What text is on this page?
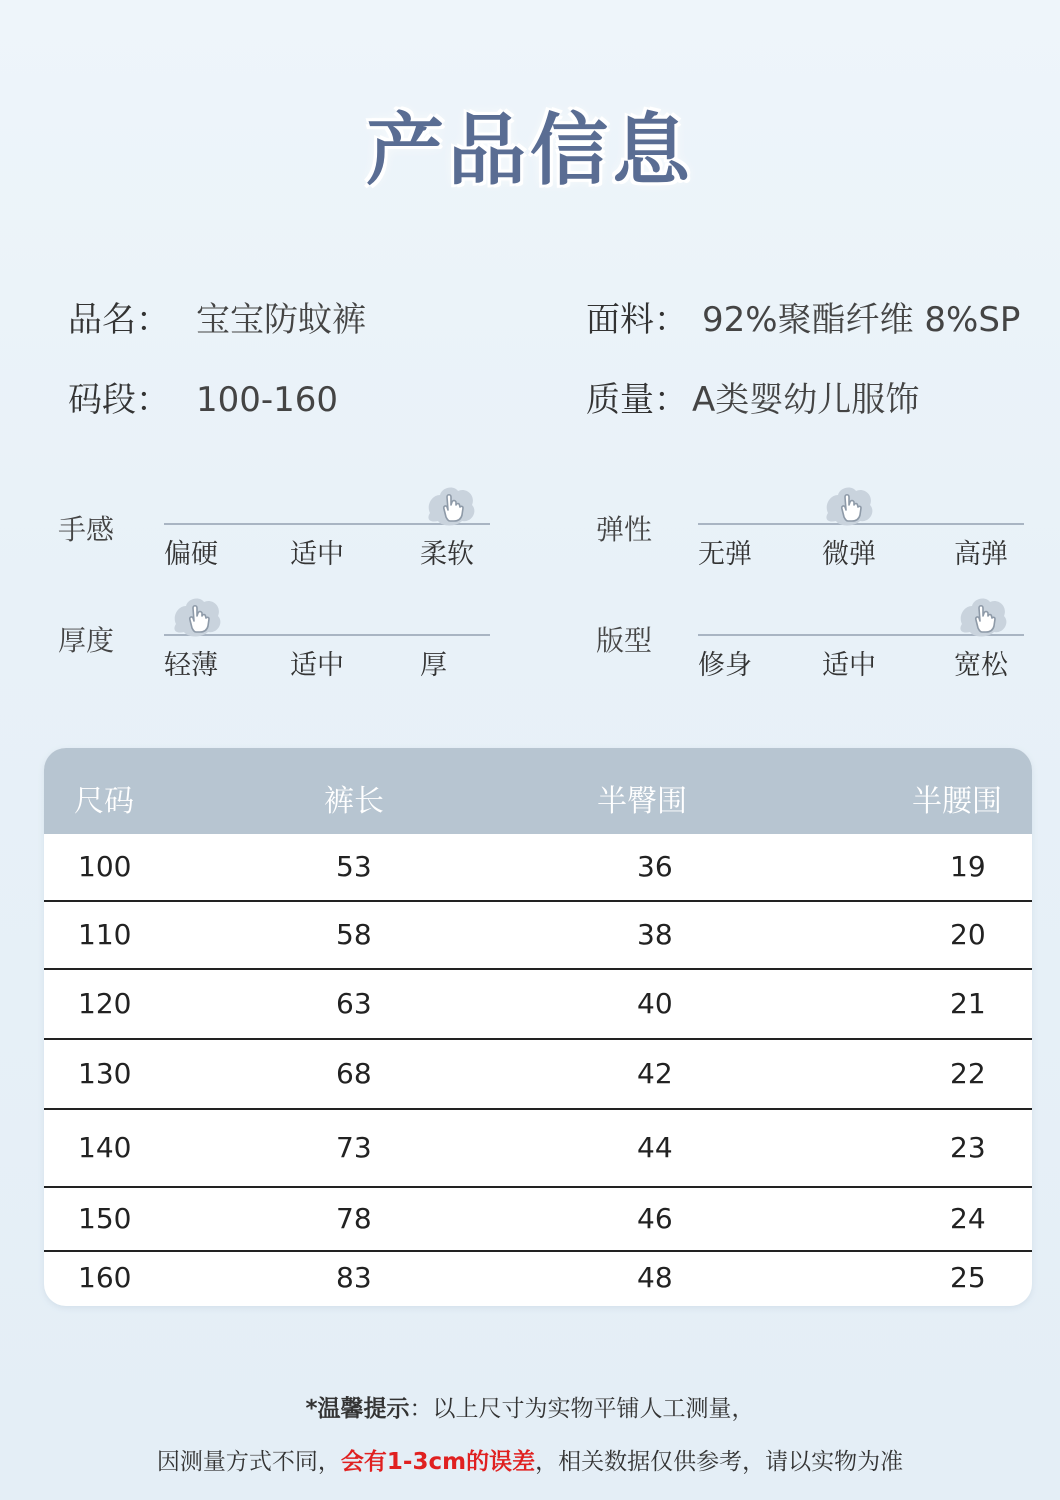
产品信息
品名： 宝宝防蚊裤	面料： 92%聚酯纤维 8%SP
码段： 100-160	质量： A类婴幼儿服饰
手感
偏硬	适中	柔软
弹性
无弹	微弹	高弹
厚度
轻薄	适中	厚
版型
修身	适中	宽松
尺码	裤长	半臀围	半腰围
100	53	36	19
110	58	38	20
120	63	40	21
130	68	42	22
140	73	44	23
150	78	46	24
160	83	48	25
*温馨提示：以上尺寸为实物平铺人工测量，
因测量方式不同，会有1-3cm的误差，相关数据仅供参考，请以实物为准
